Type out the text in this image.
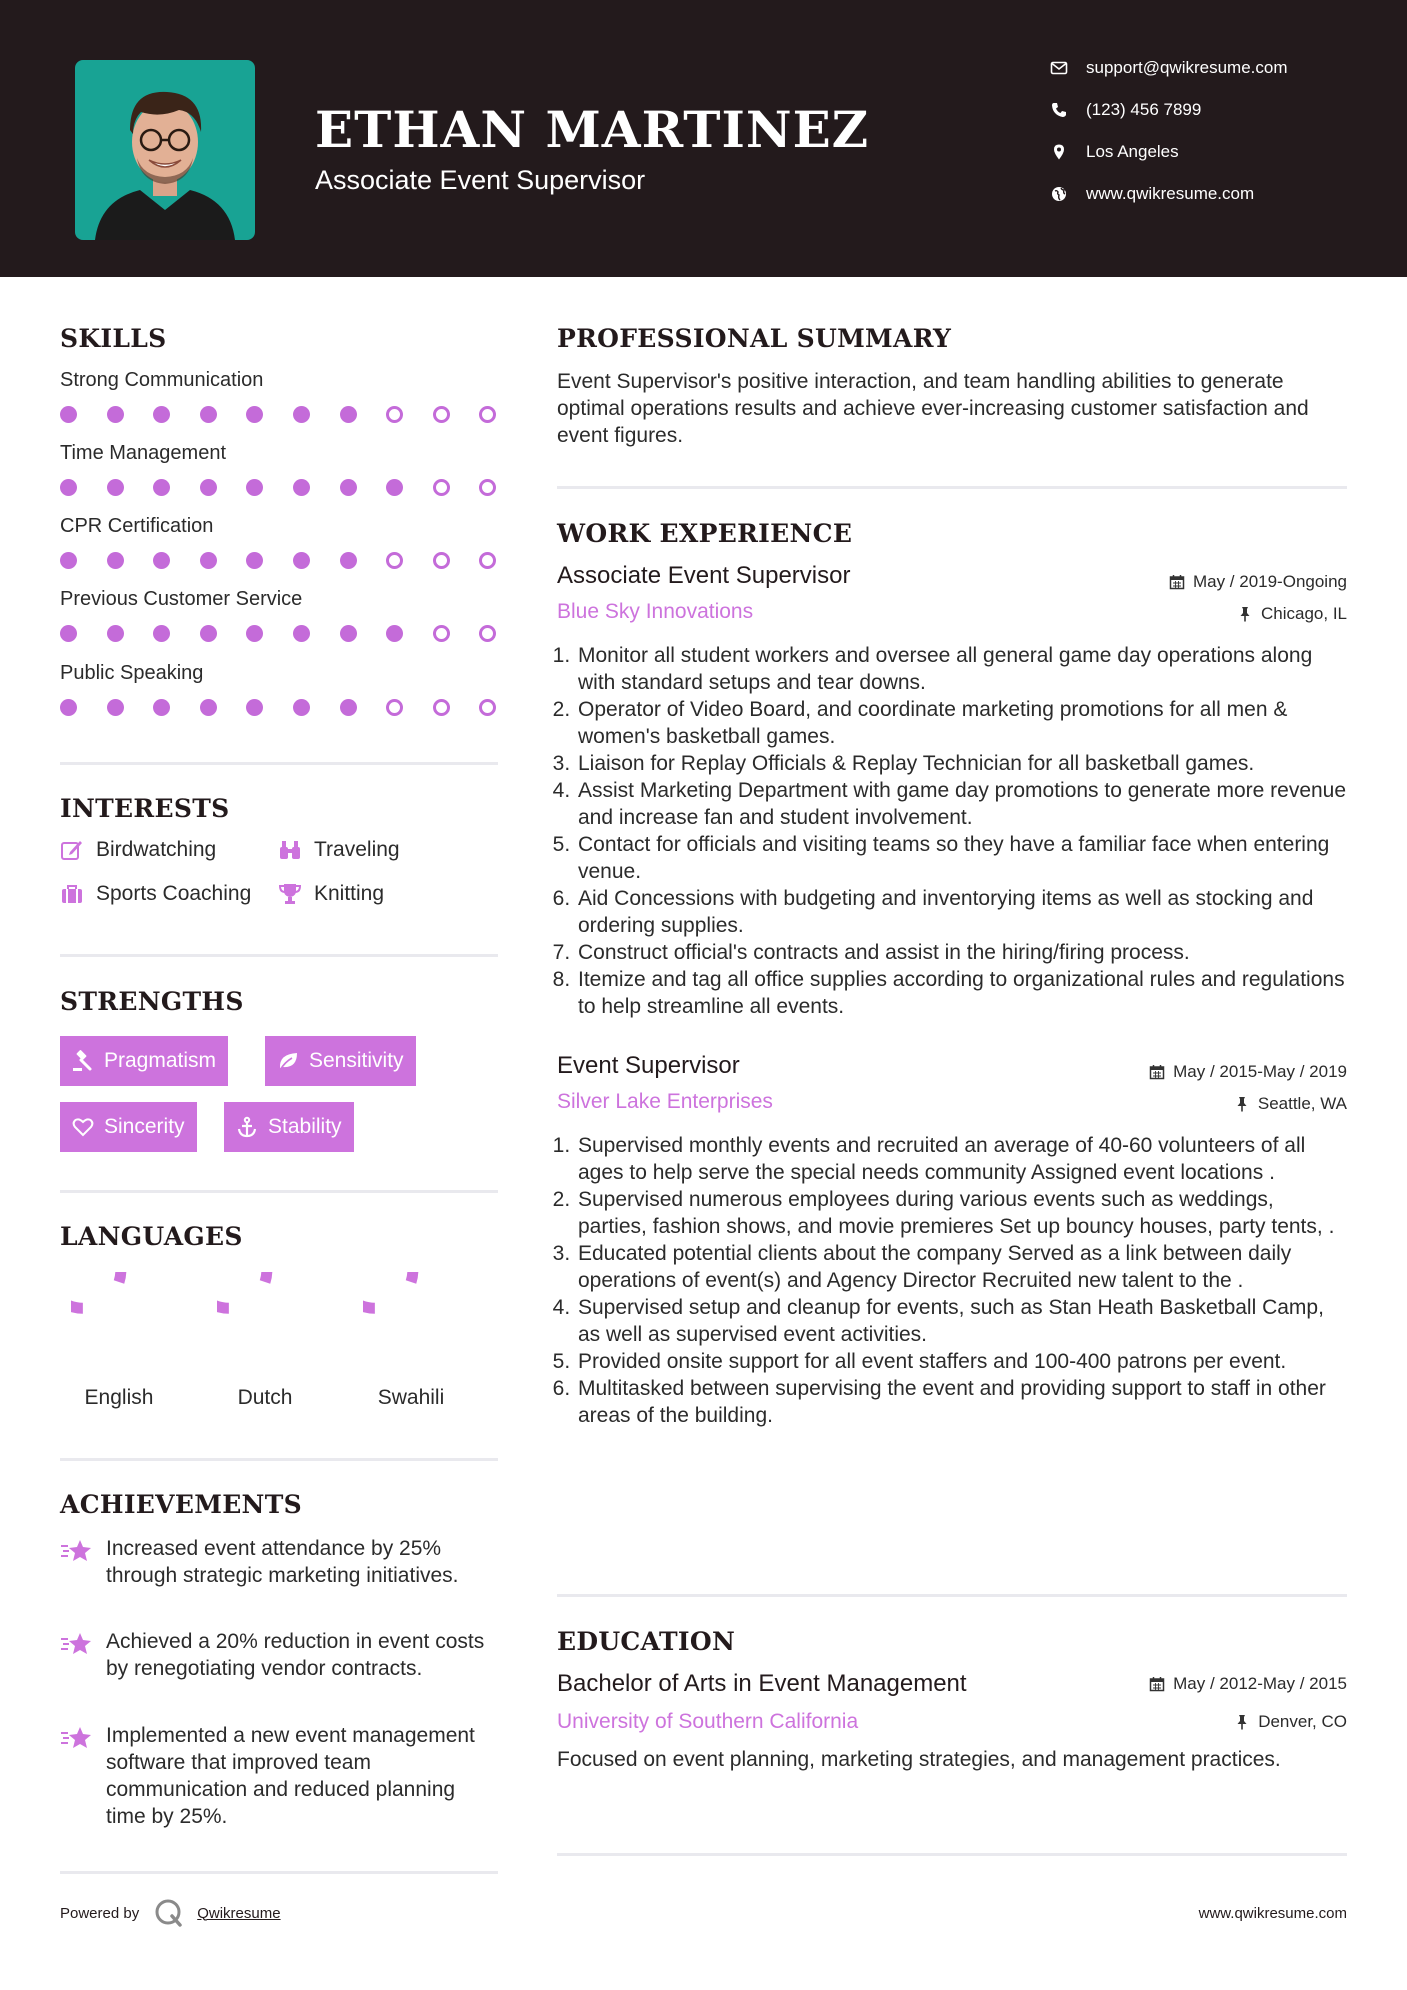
ETHAN MARTINEZ
Associate Event Supervisor
support@qwikresume.com
(123) 456 7899
Los Angeles
www.qwikresume.com
SKILLS
Strong Communication
Time Management
CPR Certification
Previous Customer Service
Public Speaking
INTERESTS
Birdwatching	Traveling
Sports Coaching	Knitting
STRENGTHS
Pragmatism	Sensitivity
Sincerity	Stability
LANGUAGES
English	Dutch	Swahili
ACHIEVEMENTS
Increased event attendance by 25% through strategic marketing initiatives.
Achieved a 20% reduction in event costs by renegotiating vendor contracts.
Implemented a new event management software that improved team communication and reduced planning time by 25%.
PROFESSIONAL SUMMARY
Event Supervisor's positive interaction, and team handling abilities to generate optimal operations results and achieve ever-increasing customer satisfaction and event figures.
WORK EXPERIENCE
Associate Event Supervisor	May / 2019-Ongoing
Blue Sky Innovations	Chicago, IL
1. Monitor all student workers and oversee all general game day operations along with standard setups and tear downs.
2. Operator of Video Board, and coordinate marketing promotions for all men & women's basketball games.
3. Liaison for Replay Officials & Replay Technician for all basketball games.
4. Assist Marketing Department with game day promotions to generate more revenue and increase fan and student involvement.
5. Contact for officials and visiting teams so they have a familiar face when entering venue.
6. Aid Concessions with budgeting and inventorying items as well as stocking and ordering supplies.
7. Construct official's contracts and assist in the hiring/firing process.
8. Itemize and tag all office supplies according to organizational rules and regulations to help streamline all events.
Event Supervisor	May / 2015-May / 2019
Silver Lake Enterprises	Seattle, WA
1. Supervised monthly events and recruited an average of 40-60 volunteers of all ages to help serve the special needs community Assigned event locations .
2. Supervised numerous employees during various events such as weddings, parties, fashion shows, and movie premieres Set up bouncy houses, party tents, .
3. Educated potential clients about the company Served as a link between daily operations of event(s) and Agency Director Recruited new talent to the .
4. Supervised setup and cleanup for events, such as Stan Heath Basketball Camp, as well as supervised event activities.
5. Provided onsite support for all event staffers and 100-400 patrons per event.
6. Multitasked between supervising the event and providing support to staff in other areas of the building.
EDUCATION
Bachelor of Arts in Event Management	May / 2012-May / 2015
University of Southern California	Denver, CO
Focused on event planning, marketing strategies, and management practices.
Powered by	Qwikresume	www.qwikresume.com
